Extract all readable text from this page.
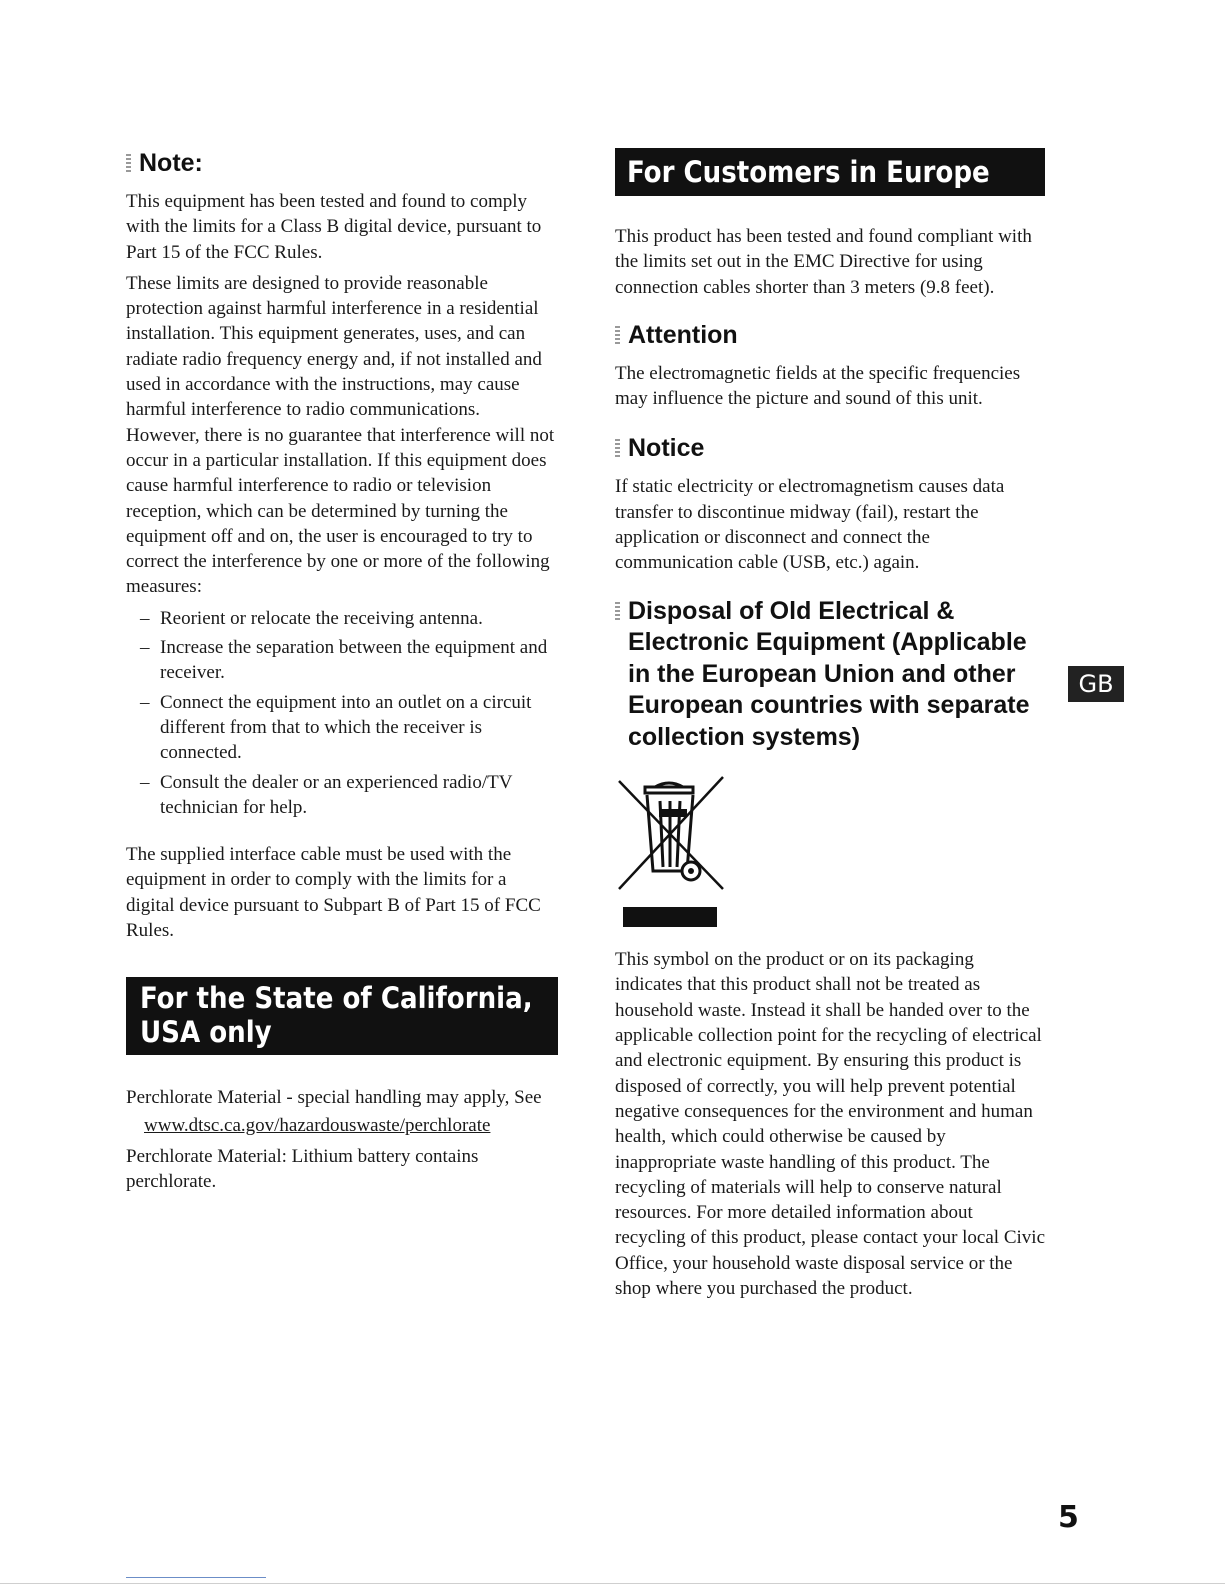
Note:

This equipment has been tested and found to comply with the limits for a Class B digital device, pursuant to Part 15 of the FCC Rules.

These limits are designed to provide reasonable protection against harmful interference in a residential installation. This equipment generates, uses, and can radiate radio frequency energy and, if not installed and used in accordance with the instructions, may cause harmful interference to radio communications. However, there is no guarantee that interference will not occur in a particular installation. If this equipment does cause harmful interference to radio or television reception, which can be determined by turning the equipment off and on, the user is encouraged to try to correct the interference by one or more of the following measures:

– Reorient or relocate the receiving antenna.
– Increase the separation between the equipment and receiver.
– Connect the equipment into an outlet on a circuit different from that to which the receiver is connected.
– Consult the dealer or an experienced radio/TV technician for help.

The supplied interface cable must be used with the equipment in order to comply with the limits for a digital device pursuant to Subpart B of Part 15 of FCC Rules.

For the State of California, USA only

Perchlorate Material - special handling may apply, See

www.dtsc.ca.gov/hazardouswaste/perchlorate

Perchlorate Material: Lithium battery contains perchlorate.

For Customers in Europe

This product has been tested and found compliant with the limits set out in the EMC Directive for using connection cables shorter than 3 meters (9.8 feet).

Attention

The electromagnetic fields at the specific frequencies may influence the picture and sound of this unit.

Notice

If static electricity or electromagnetism causes data transfer to discontinue midway (fail), restart the application or disconnect and connect the communication cable (USB, etc.) again.

Disposal of Old Electrical & Electronic Equipment (Applicable in the European Union and other European countries with separate collection systems)

This symbol on the product or on its packaging indicates that this product shall not be treated as household waste. Instead it shall be handed over to the applicable collection point for the recycling of electrical and electronic equipment. By ensuring this product is disposed of correctly, you will help prevent potential negative consequences for the environment and human health, which could otherwise be caused by inappropriate waste handling of this product. The recycling of materials will help to conserve natural resources. For more detailed information about recycling of this product, please contact your local Civic Office, your household waste disposal service or the shop where you purchased the product.

GB
5
